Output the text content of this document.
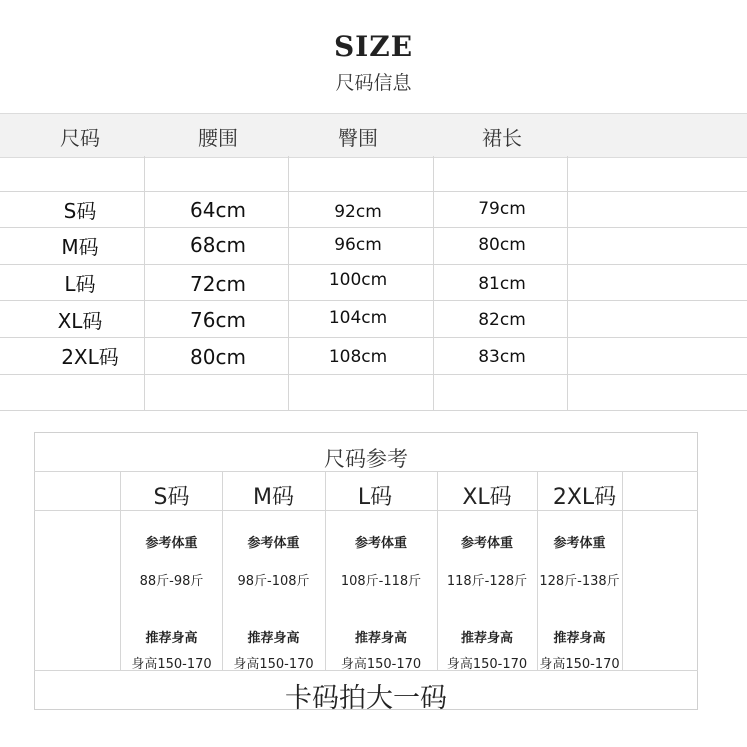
SIZE
尺码信息
尺码	腰围	臀围	裙长
S码	64cm	92cm	79cm
M码	68cm	96cm	80cm
L码	72cm	100cm	81cm
XL码	76cm	104cm	82cm
2XL码	80cm	108cm	83cm
尺码参考
S码	M码	L码	XL码	2XL码
参考体重	参考体重	参考体重	参考体重	参考体重
88斤-98斤	98斤-108斤	108斤-118斤	118斤-128斤 128斤-138斤
推荐身高	推荐身高	推荐身高	推荐身高	推荐身高
身高150-170	身高150-170	身高150-170	身高150-170 身高150-170
卡码拍大一码
